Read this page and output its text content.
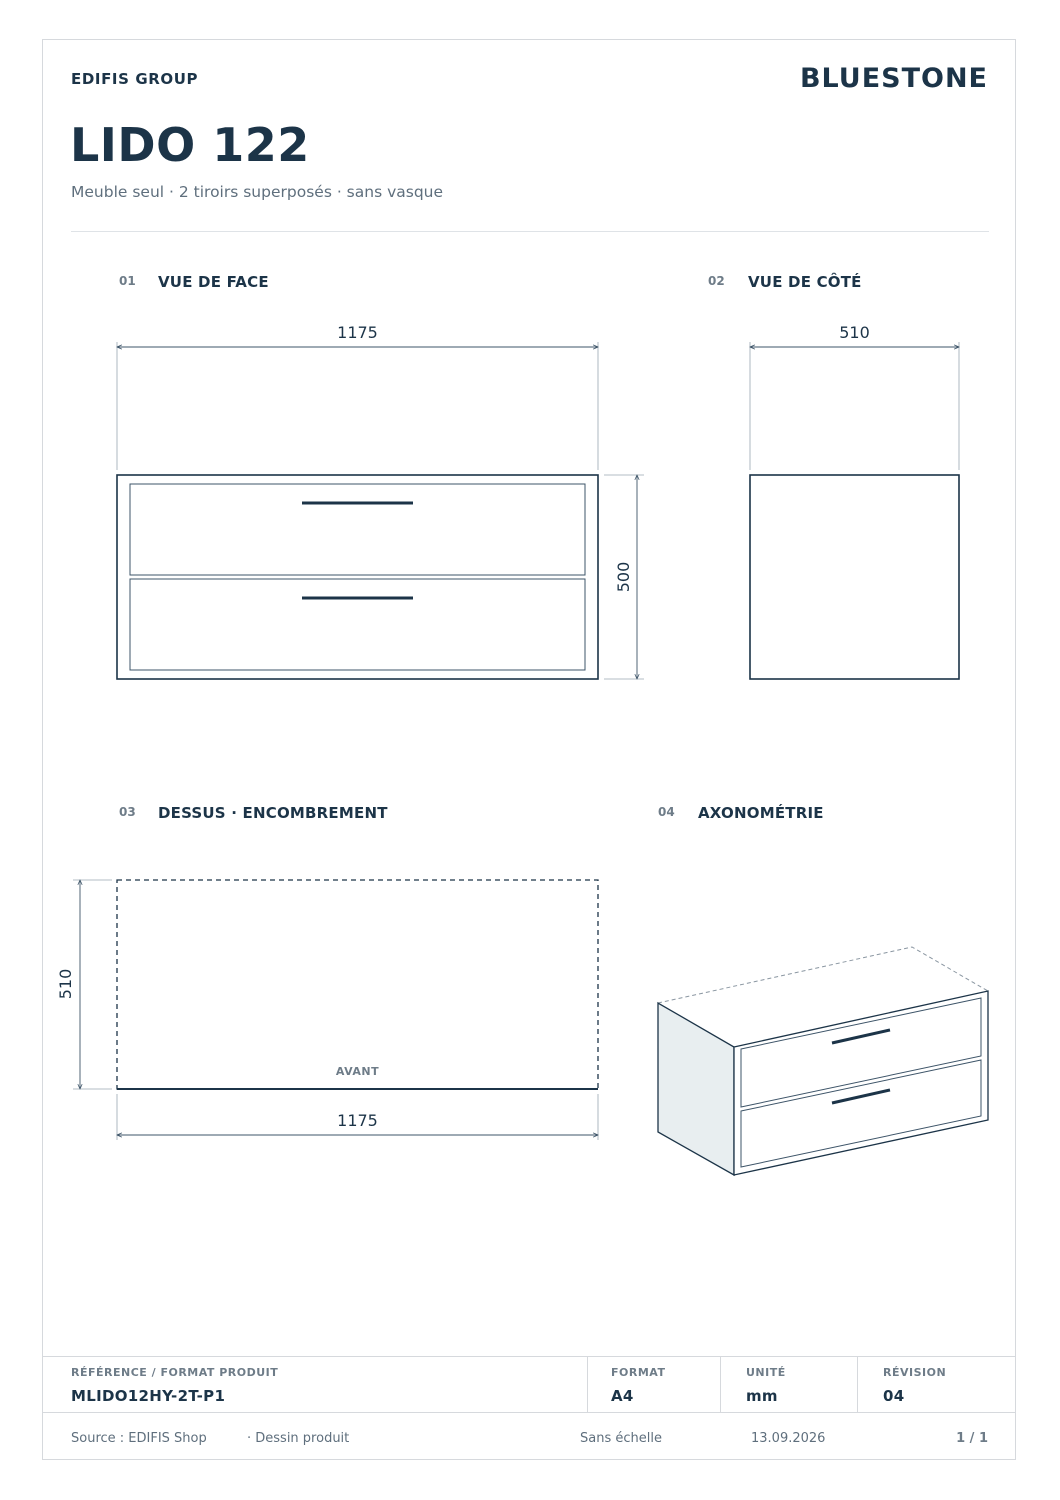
EDIFIS GROUP	BLUESTONE
LIDO 122
Meuble seul · 2 tiroirs superposés · sans vasque
01 VUE DE FACE	02 VUE DE CÔTÉ
03 DESSUS · ENCOMBREMENT	04 AXONOMÉTRIE
1175
500
510
AVANT
510
1175
RÉFÉRENCE / FORMAT PRODUIT
MLIDO12HY-2T-P1
FORMAT
A4
UNITÉ
mm
RÉVISION
04
Source : EDIFIS Shop	· Dessin produit	Sans échelle	13.09.2026	1 / 1
